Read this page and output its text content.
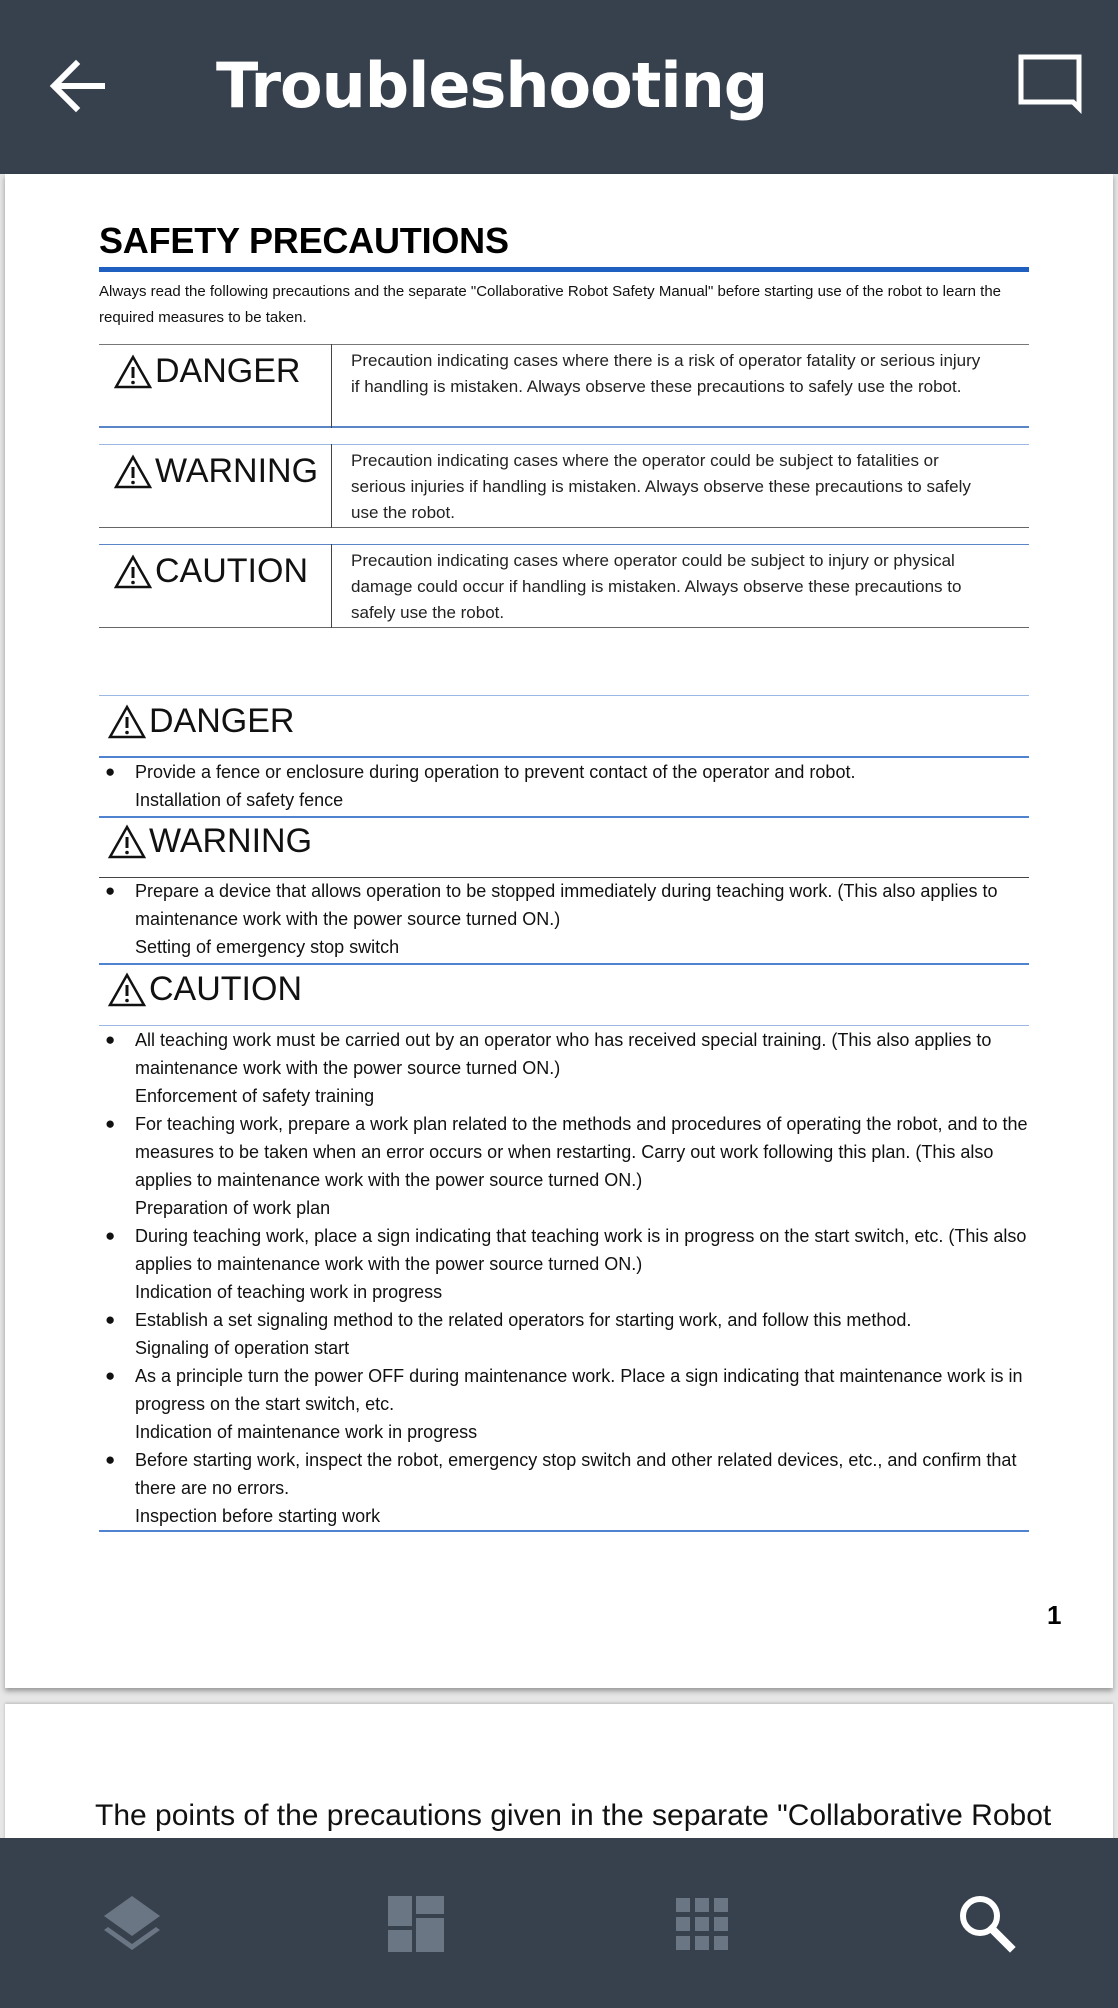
Troubleshooting
SAFETY PRECAUTIONS
Always read the following precautions and the separate "Collaborative Robot Safety Manual" before starting use of the robot to learn the required measures to be taken.
DANGER	Precaution indicating cases where there is a risk of operator fatality or serious injury if handling is mistaken. Always observe these precautions to safely use the robot.
WARNING Precaution indicating cases where the operator could be subject to fatalities or serious injuries if handling is mistaken. Always observe these precautions to safely use the robot.
CAUTION	Precaution indicating cases where operator could be subject to injury or physical damage could occur if handling is mistaken. Always observe these precautions to safely use the robot.
DANGER
● Provide a fence or enclosure during operation to prevent contact of the operator and robot.
Installation of safety fence
WARNING
● Prepare a device that allows operation to be stopped immediately during teaching work. (This also applies to maintenance work with the power source turned ON.)
Setting of emergency stop switch
CAUTION
● All teaching work must be carried out by an operator who has received special training. (This also applies to maintenance work with the power source turned ON.)
Enforcement of safety training
● For teaching work, prepare a work plan related to the methods and procedures of operating the robot, and to the measures to be taken when an error occurs or when restarting. Carry out work following this plan. (This also applies to maintenance work with the power source turned ON.)
Preparation of work plan
● During teaching work, place a sign indicating that teaching work is in progress on the start switch, etc. (This also applies to maintenance work with the power source turned ON.)
Indication of teaching work in progress
● Establish a set signaling method to the related operators for starting work, and follow this method.
Signaling of operation start
● As a principle turn the power OFF during maintenance work. Place a sign indicating that maintenance work is in progress on the start switch, etc.
Indication of maintenance work in progress
● Before starting work, inspect the robot, emergency stop switch and other related devices, etc., and confirm that there are no errors.
Inspection before starting work
1
The points of the precautions given in the separate "Collaborative Robot
